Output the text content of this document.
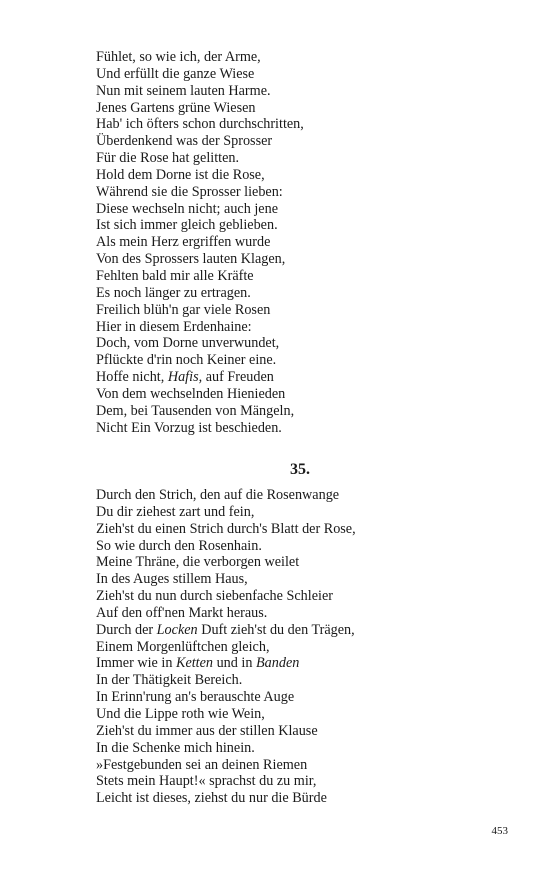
Fühlet, so wie ich, der Arme,
Und erfüllt die ganze Wiese
Nun mit seinem lauten Harme.
Jenes Gartens grüne Wiesen
Hab' ich öfters schon durchschritten,
Überdenkend was der Sprosser
Für die Rose hat gelitten.
Hold dem Dorne ist die Rose,
Während sie die Sprosser lieben:
Diese wechseln nicht; auch jene
Ist sich immer gleich geblieben.
Als mein Herz ergriffen wurde
Von des Sprossers lauten Klagen,
Fehlten bald mir alle Kräfte
Es noch länger zu ertragen.
Freilich blüh'n gar viele Rosen
Hier in diesem Erdenhaine:
Doch, vom Dorne unverwundet,
Pflückte d'rin noch Keiner eine.
Hoffe nicht, Hafis, auf Freuden
Von dem wechselnden Hienieden
Dem, bei Tausenden von Mängeln,
Nicht Ein Vorzug ist beschieden.
35.
Durch den Strich, den auf die Rosenwange
Du dir ziehest zart und fein,
Zieh'st du einen Strich durch's Blatt der Rose,
So wie durch den Rosenhain.
Meine Thräne, die verborgen weilet
In des Auges stillem Haus,
Zieh'st du nun durch siebenfache Schleier
Auf den off'nen Markt heraus.
Durch der Locken Duft zieh'st du den Trägen,
Einem Morgenlüftchen gleich,
Immer wie in Ketten und in Banden
In der Thätigkeit Bereich.
In Erinn'rung an's berauschte Auge
Und die Lippe roth wie Wein,
Zieh'st du immer aus der stillen Klause
In die Schenke mich hinein.
»Festgebunden sei an deinen Riemen
Stets mein Haupt!« sprachst du zu mir,
Leicht ist dieses, ziehst du nur die Bürde
453
